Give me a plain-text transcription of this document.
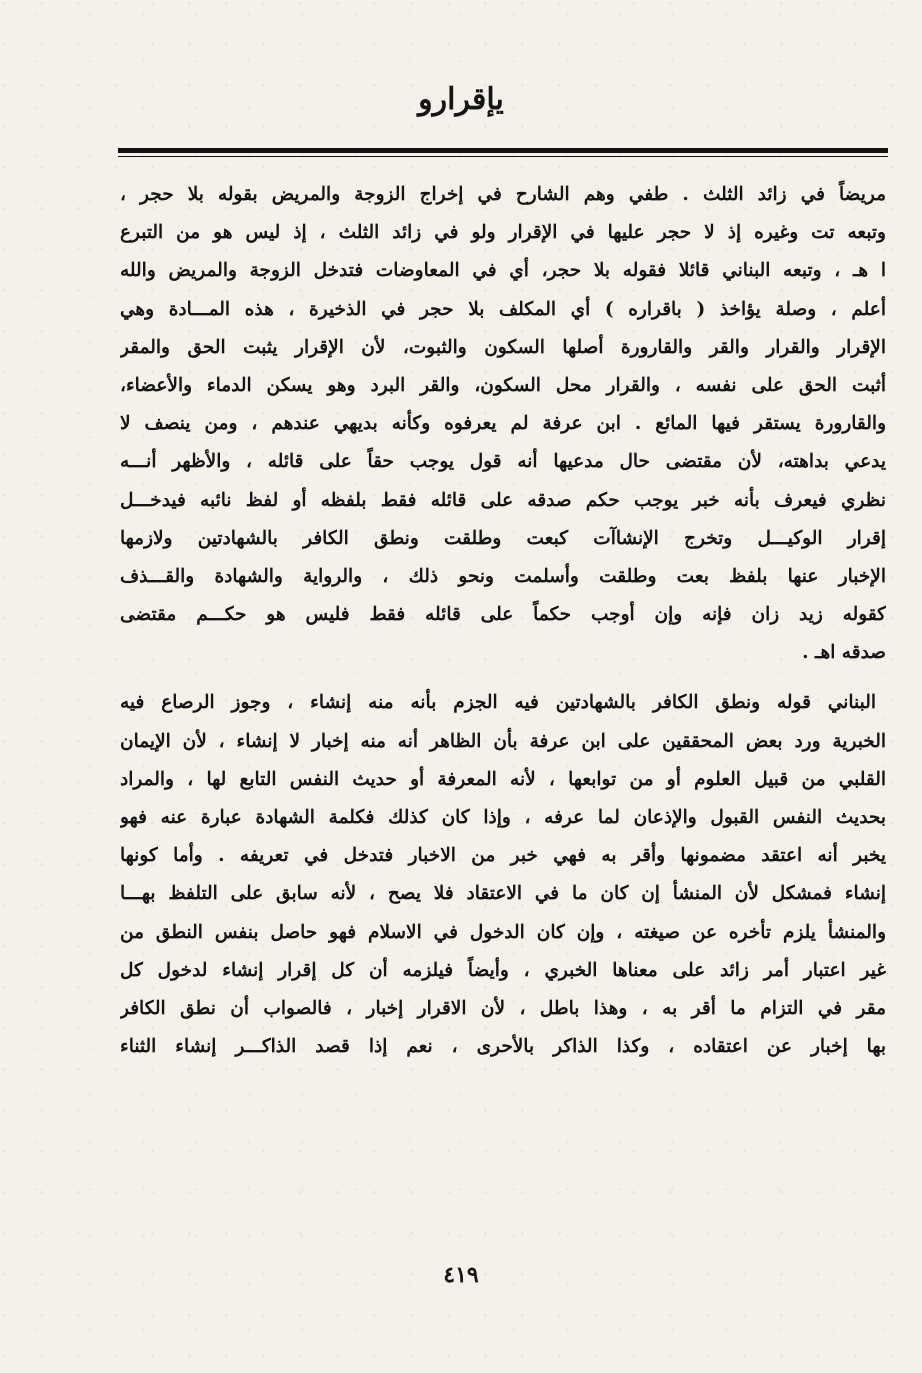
يإقرارو
مريضاً في زائد الثلث . طفي وهم الشارح في إخراج الزوجة والمريض بقوله بلا حجر ،
وتبعه تت وغيره إذ لا حجر عليها في الإقرار ولو في زائد الثلث ، إذ ليس هو من التبرع
ا هـ ، وتبعه البناني قائلا فقوله بلا حجر، أي في المعاوضات فتدخل الزوجة والمريض والله
أعلم ، وصلة يؤاخذ ( باقراره ) أي المكلف بلا حجر في الذخيرة ، هذه المـــادة وهي
الإقرار والقرار والقر والقارورة أصلها السكون والثبوت، لأن الإقرار يثبت الحق والمقر
أثبت الحق على نفسه ، والقرار محل السكون، والقر البرد وهو يسكن الدماء والأعضاء،
والقارورة يستقر فيها المائع . ابن عرفة لم يعرفوه وكأنه بديهي عندهم ، ومن ينصف لا
يدعي بداهته، لأن مقتضى حال مدعيها أنه قول يوجب حقاً على قائله ، والأظهر أنـــه
نظري فيعرف بأنه خبر يوجب حكم صدقه على قائله فقط بلفظه أو لفظ نائبه فيدخـــل
إقرار الوكيـــل وتخرج الإنشاآت كبعت وطلقت ونطق الكافر بالشهادتين ولازمها
الإخبار عنها بلفظ بعت وطلقت وأسلمت ونحو ذلك ، والرواية والشهادة والقـــذف
كقوله زيد زان فإنه وإن أوجب حكماً على قائله فقط فليس هو حكـــم مقتضى
صدقه اهـ .
البناني قوله ونطق الكافر بالشهادتين فيه الجزم بأنه منه إنشاء ، وجوز الرصاع فيه
الخبرية ورد بعض المحققين على ابن عرفة بأن الظاهر أنه منه إخبار لا إنشاء ، لأن الإيمان
القلبي من قبيل العلوم أو من توابعها ، لأنه المعرفة أو حديث النفس التابع لها ، والمراد
بحديث النفس القبول والإذعان لما عرفه ، وإذا كان كذلك فكلمة الشهادة عبارة عنه فهو
يخبر أنه اعتقد مضمونها وأقر به فهي خبر من الاخبار فتدخل في تعريفه . وأما كونها
إنشاء فمشكل لأن المنشأ إن كان ما في الاعتقاد فلا يصح ، لأنه سابق على التلفظ بهـــا
والمنشأ يلزم تأخره عن صيغته ، وإن كان الدخول في الاسلام فهو حاصل بنفس النطق من
غير اعتبار أمر زائد على معناها الخبري ، وأيضاً فيلزمه أن كل إقرار إنشاء لدخول كل
مقر في التزام ما أقر به ، وهذا باطل ، لأن الاقرار إخبار ، فالصواب أن نطق الكافر
بها إخبار عن اعتقاده ، وكذا الذاكر بالأحرى ، نعم إذا قصد الذاكـــر إنشاء الثناء
٤١٩
